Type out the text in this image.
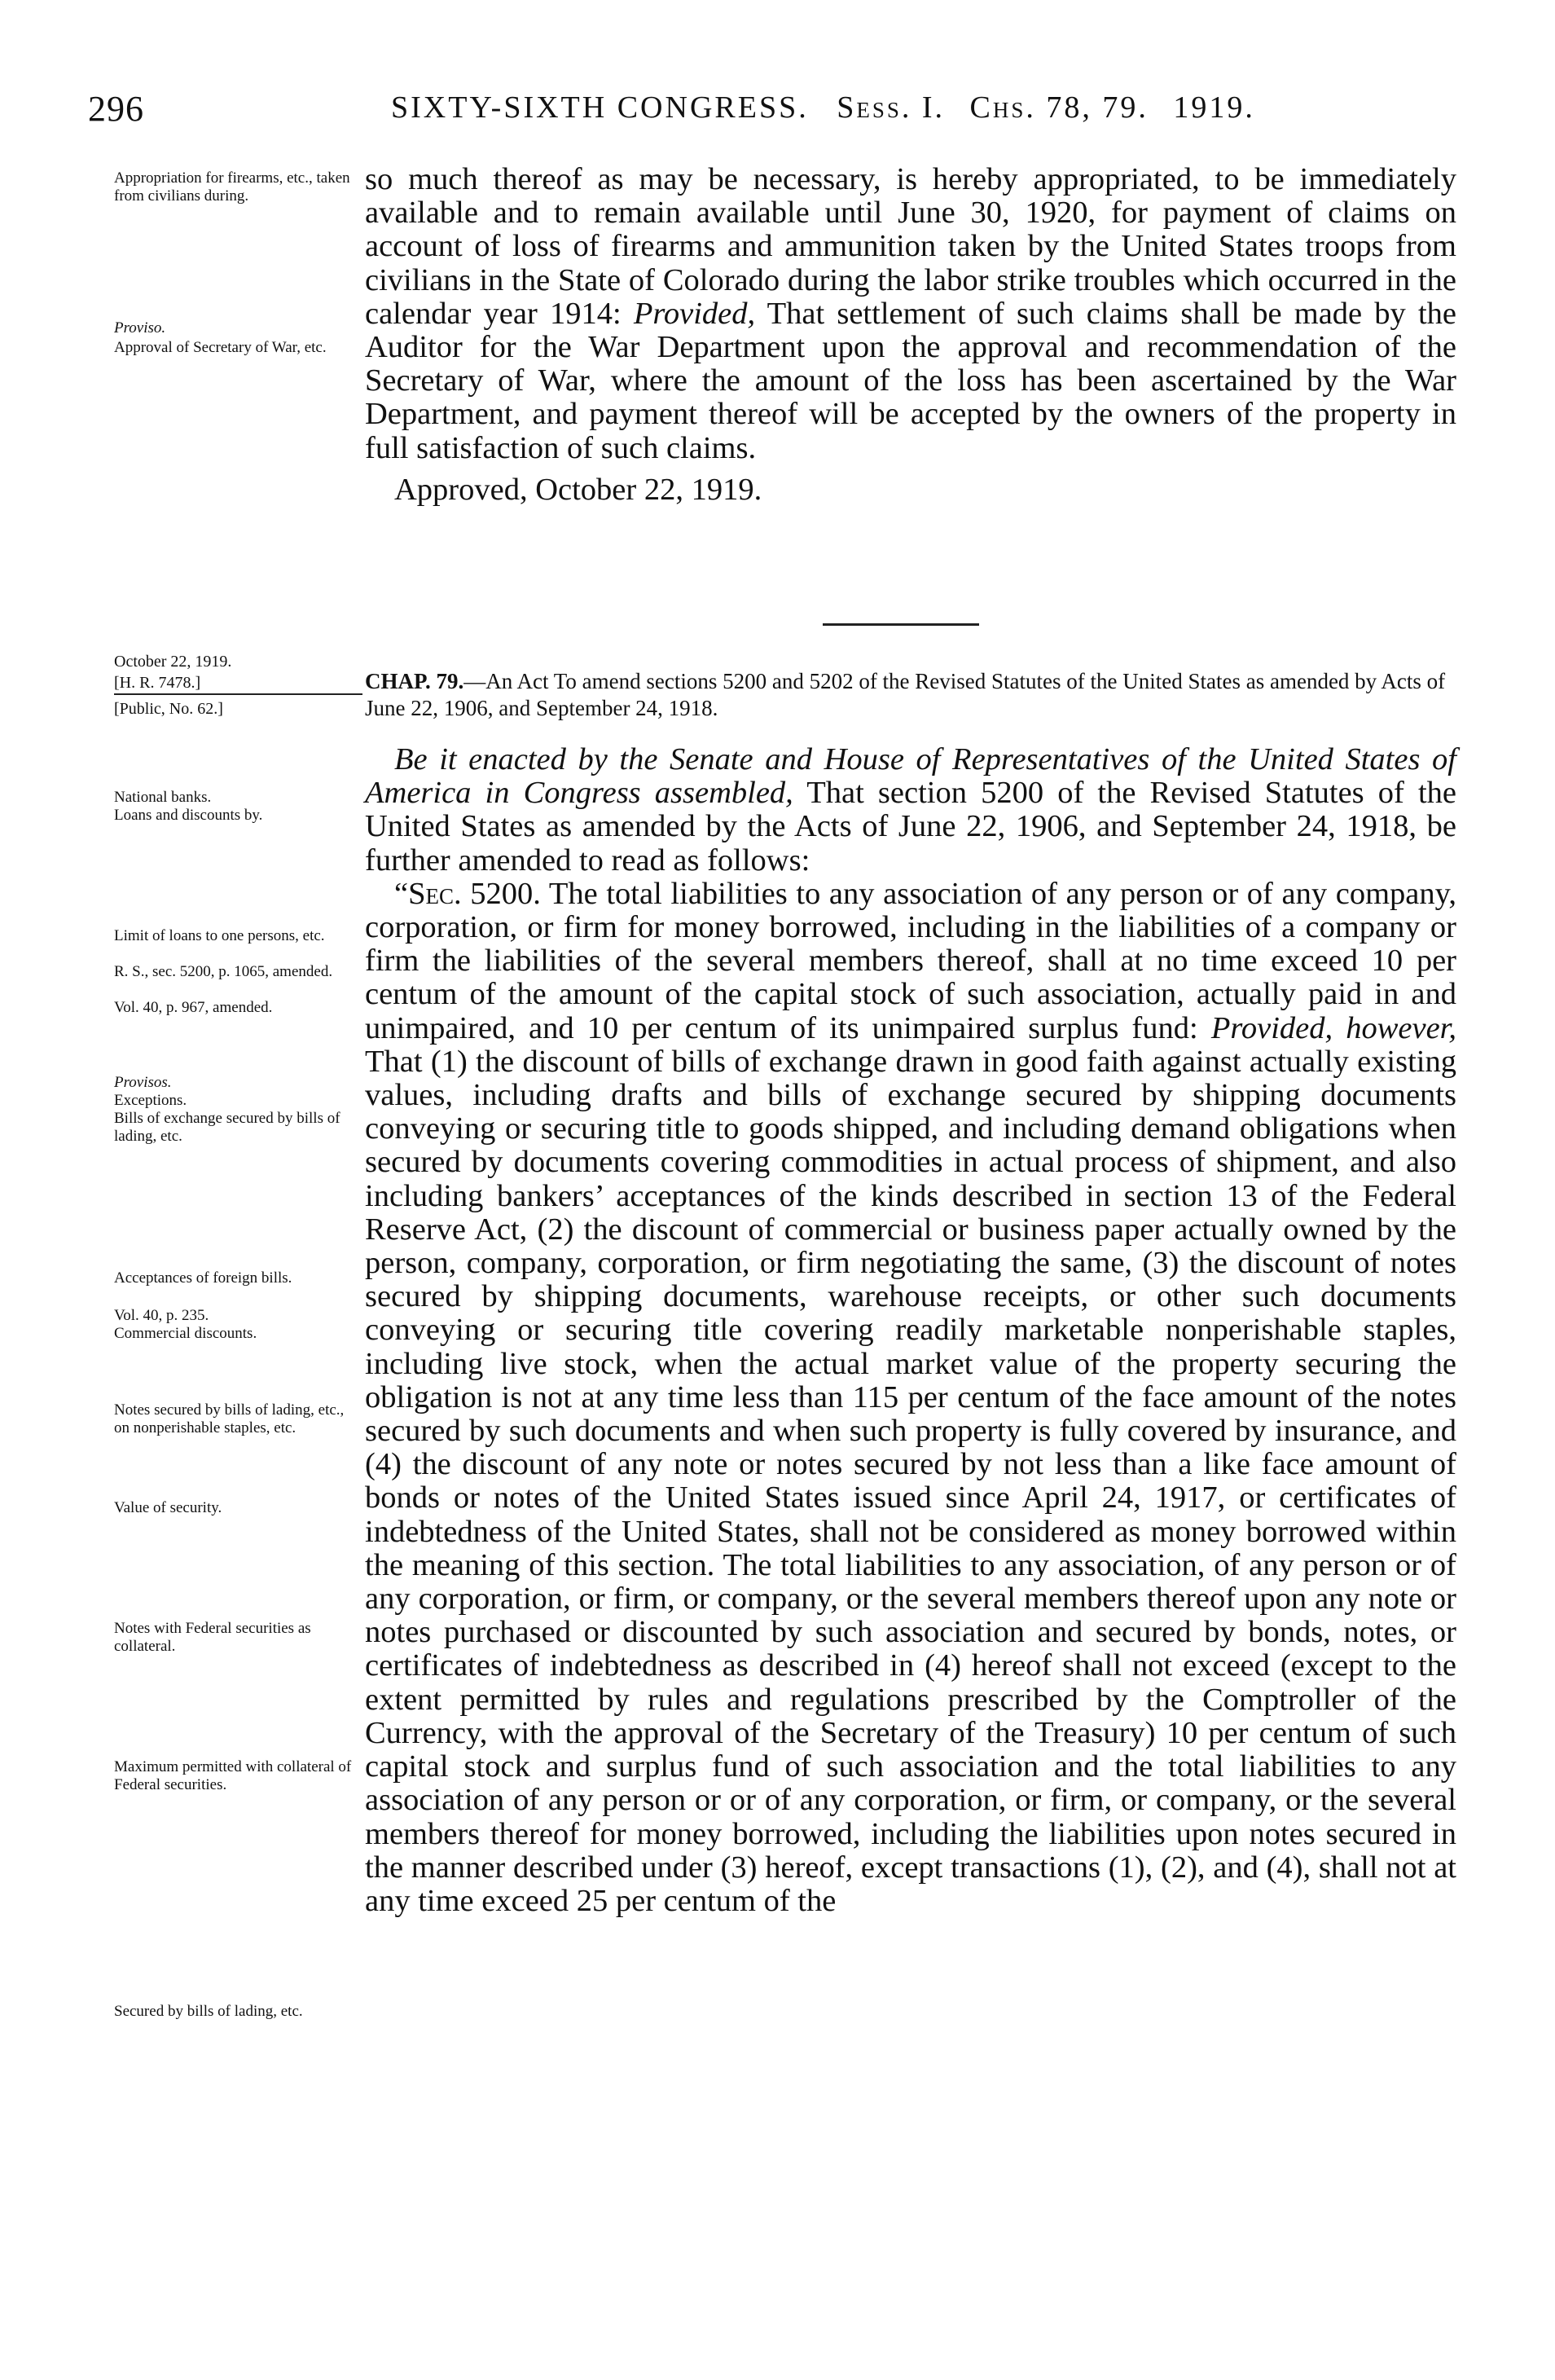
296	SIXTY-SIXTH CONGRESS. Sess. I. Chs. 78, 79. 1919.
Appropriation for firearms, etc., taken from civilians during.
Proviso.
Approval of Secretary of War, etc.
October 22, 1919.
[H. R. 7478.]
[Public, No. 62.]
National banks.
Loans and discounts by.
Limit of loans to one persons, etc.
R. S., sec. 5200, p. 1065, amended.
Vol. 40, p. 967, amended.
Provisos.
Exceptions.
Bills of exchange secured by bills of lading, etc.
Acceptances of foreign bills.
Vol. 40, p. 235.
Commercial discounts.
Notes secured by bills of lading, etc., on nonperishable staples, etc.
Value of security.
Notes with Federal securities as collateral.
Maximum permitted with collateral of Federal securities.
Secured by bills of lading, etc.
so much thereof as may be necessary, is hereby appropriated, to be immediately available and to remain available until June 30, 1920, for payment of claims on account of loss of firearms and ammunition taken by the United States troops from civilians in the State of Colorado during the labor strike troubles which occurred in the calendar year 1914: Provided, That settlement of such claims shall be made by the Auditor for the War Department upon the approval and recommendation of the Secretary of War, where the amount of the loss has been ascertained by the War Department, and payment thereof will be accepted by the owners of the property in full satisfaction of such claims.
Approved, October 22, 1919.
CHAP. 79.—An Act To amend sections 5200 and 5202 of the Revised Statutes of the United States as amended by Acts of June 22, 1906, and September 24, 1918.
Be it enacted by the Senate and House of Representatives of the United States of America in Congress assembled, That section 5200 of the Revised Statutes of the United States as amended by the Acts of June 22, 1906, and September 24, 1918, be further amended to read as follows:
“Sec. 5200. The total liabilities to any association of any person or of any company, corporation, or firm for money borrowed, including in the liabilities of a company or firm the liabilities of the several members thereof, shall at no time exceed 10 per centum of the amount of the capital stock of such association, actually paid in and unimpaired, and 10 per centum of its unimpaired surplus fund: Provided, however, That (1) the discount of bills of exchange drawn in good faith against actually existing values, including drafts and bills of exchange secured by shipping documents conveying or securing title to goods shipped, and including demand obligations when secured by documents covering commodities in actual process of shipment, and also including bankers’ acceptances of the kinds described in section 13 of the Federal Reserve Act, (2) the discount of commercial or business paper actually owned by the person, company, corporation, or firm negotiating the same, (3) the discount of notes secured by shipping documents, warehouse receipts, or other such documents conveying or securing title covering readily marketable nonperishable staples, including live stock, when the actual market value of the property securing the obligation is not at any time less than 115 per centum of the face amount of the notes secured by such documents and when such property is fully covered by insurance, and (4) the discount of any note or notes secured by not less than a like face amount of bonds or notes of the United States issued since April 24, 1917, or certificates of indebtedness of the United States, shall not be considered as money borrowed within the meaning of this section. The total liabilities to any association, of any person or of any corporation, or firm, or company, or the several members thereof upon any note or notes purchased or discounted by such association and secured by bonds, notes, or certificates of indebtedness as described in (4) hereof shall not exceed (except to the extent permitted by rules and regulations prescribed by the Comptroller of the Currency, with the approval of the Secretary of the Treasury) 10 per centum of such capital stock and surplus fund of such association and the total liabilities to any association of any person or or of any corporation, or firm, or company, or the several members thereof for money borrowed, including the liabilities upon notes secured in the manner described under (3) hereof, except transactions (1), (2), and (4), shall not at any time exceed 25 per centum of the
